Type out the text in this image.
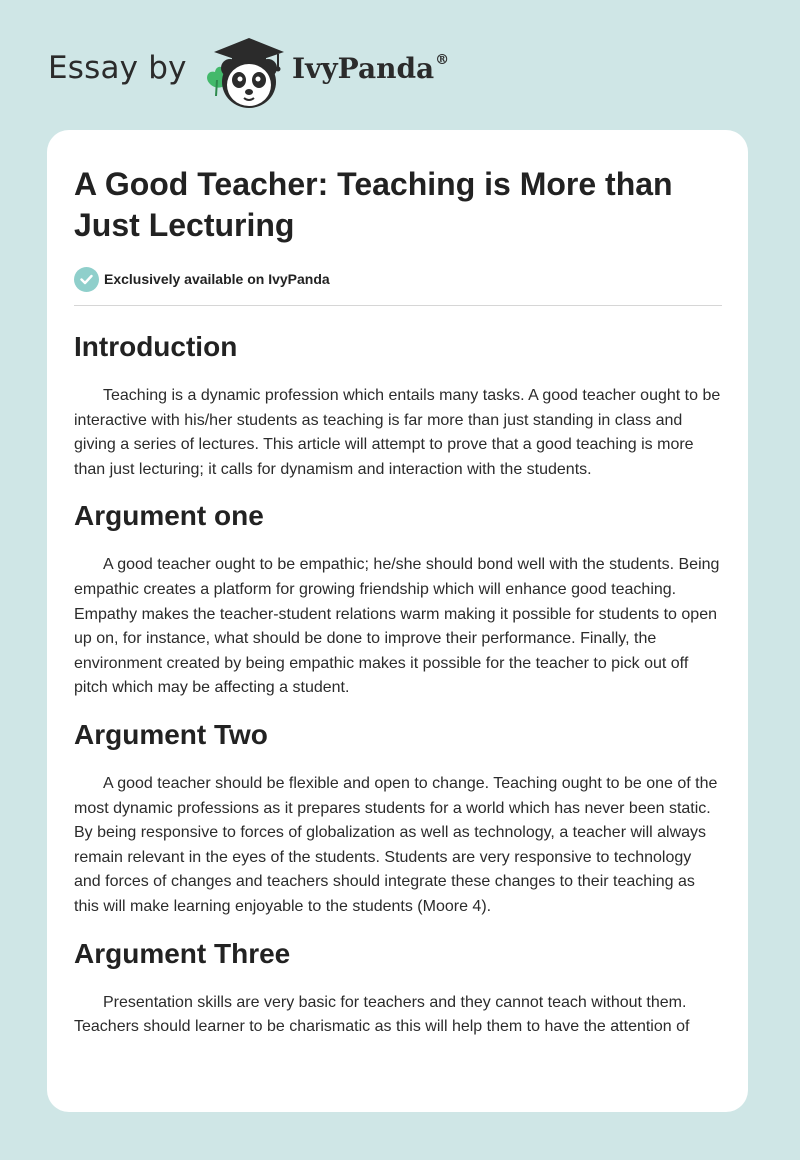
Essay by	IvyPanda®
A Good Teacher: Teaching is More than Just Lecturing
Exclusively available on IvyPanda
Introduction

Teaching is a dynamic profession which entails many tasks. A good teacher ought to be interactive with his/her students as teaching is far more than just standing in class and giving a series of lectures. This article will attempt to prove that a good teaching is more than just lecturing; it calls for dynamism and interaction with the students.

Argument one

A good teacher ought to be empathic; he/she should bond well with the students. Being empathic creates a platform for growing friendship which will enhance good teaching. Empathy makes the teacher-student relations warm making it possible for students to open up on, for instance, what should be done to improve their performance. Finally, the environment created by being empathic makes it possible for the teacher to pick out off pitch which may be affecting a student.

Argument Two

A good teacher should be flexible and open to change. Teaching ought to be one of the most dynamic professions as it prepares students for a world which has never been static. By being responsive to forces of globalization as well as technology, a teacher will always remain relevant in the eyes of the students. Students are very responsive to technology and forces of changes and teachers should integrate these changes to their teaching as this will make learning enjoyable to the students (Moore 4).

Argument Three

Presentation skills are very basic for teachers and they cannot teach without them. Teachers should learner to be charismatic as this will help them to have the attention of
